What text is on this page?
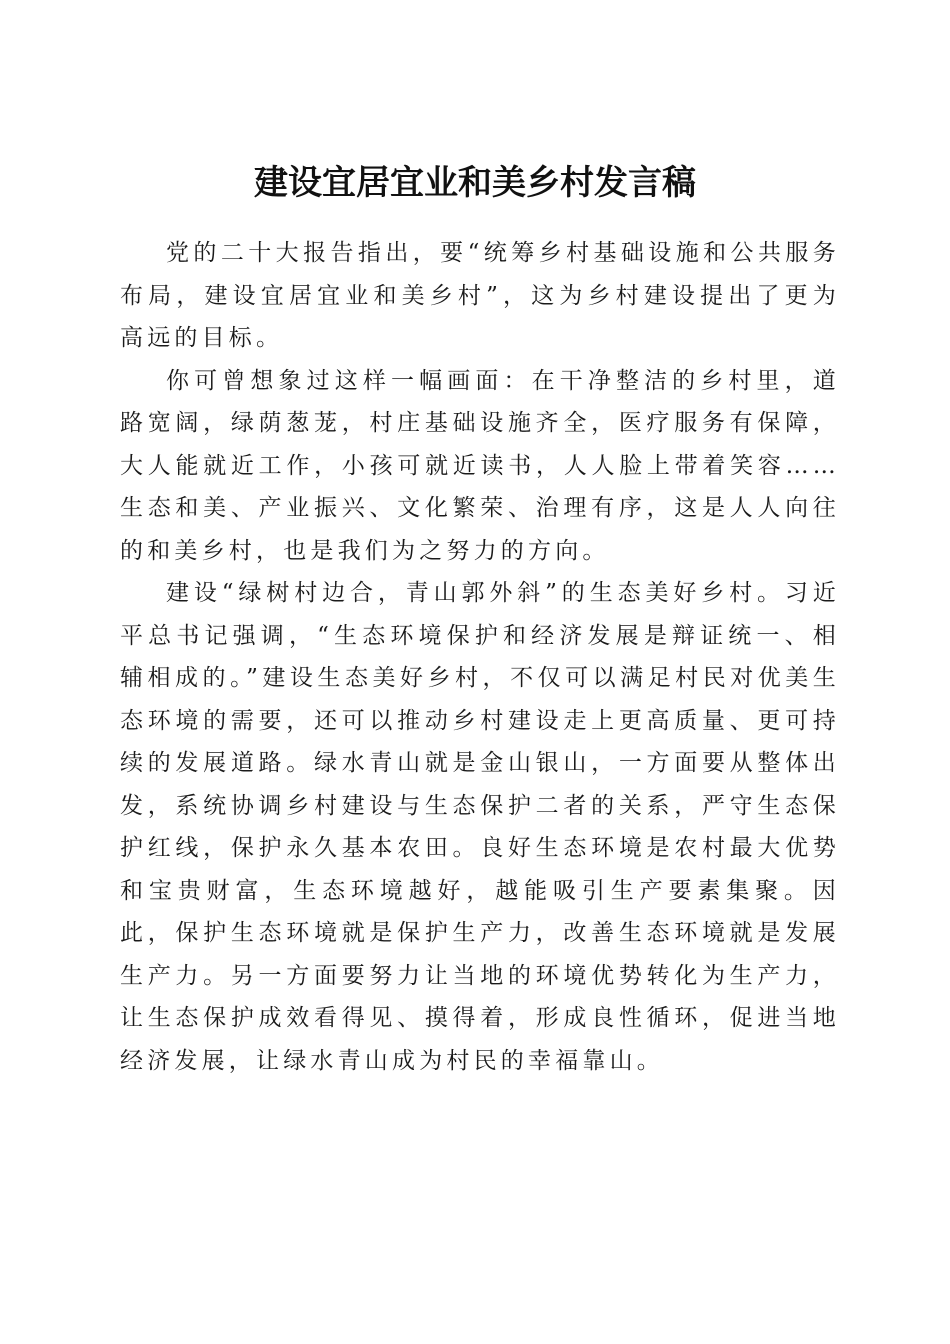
建设宜居宜业和美乡村发言稿

党的二十大报告指出，要“统筹乡村基础设施和公共服务布局，建设宜居宜业和美乡村”，这为乡村建设提出了更为高远的目标。

你可曾想象过这样一幅画面：在干净整洁的乡村里，道路宽阔，绿荫葱茏，村庄基础设施齐全，医疗服务有保障，大人能就近工作，小孩可就近读书，人人脸上带着笑容……生态和美、产业振兴、文化繁荣、治理有序，这是人人向往的和美乡村，也是我们为之努力的方向。

建设“绿树村边合，青山郭外斜”的生态美好乡村。习近平总书记强调，“生态环境保护和经济发展是辩证统一、相辅相成的。”建设生态美好乡村，不仅可以满足村民对优美生态环境的需要，还可以推动乡村建设走上更高质量、更可持续的发展道路。绿水青山就是金山银山，一方面要从整体出发，系统协调乡村建设与生态保护二者的关系，严守生态保护红线，保护永久基本农田。良好生态环境是农村最大优势和宝贵财富，生态环境越好，越能吸引生产要素集聚。因此，保护生态环境就是保护生产力，改善生态环境就是发展生产力。另一方面要努力让当地的环境优势转化为生产力，让生态保护成效看得见、摸得着，形成良性循环，促进当地经济发展，让绿水青山成为村民的幸福靠山。
